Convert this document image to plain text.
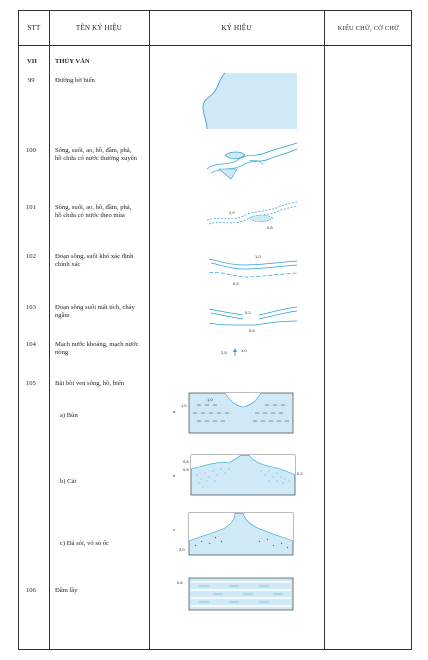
STT	TÊN KÝ HIỆU	KÝ HIỆU	KIỂU CHỮ, CỠ CHỮ
VII	THỦY VĂN
99	Đường bờ biển
100	Sông, suối, ao, hồ, đầm, phá, hồ chứa có nước thường xuyên
101	Sông, suối, ao, hồ, đầm, phá, hồ chứa có nước theo mùa
102	Đoạn sông, suối khó xác định chính xác
103	Đoạn sông suối mất tích, chảy ngầm
104	Mạch nước khoáng, mạch nước nóng
105	Bãi bồi ven sông, hồ, biển
a) Bùn
b) Cát
c) Đá sỏi, vỏ sò ốc
106	Đầm lầy
2,0
0,8
1,0
0,2
0,2
0,6
2,5	1,0
a
1,0
1,0
b
0,8
0,5
0,2
c
2,0
0,8
